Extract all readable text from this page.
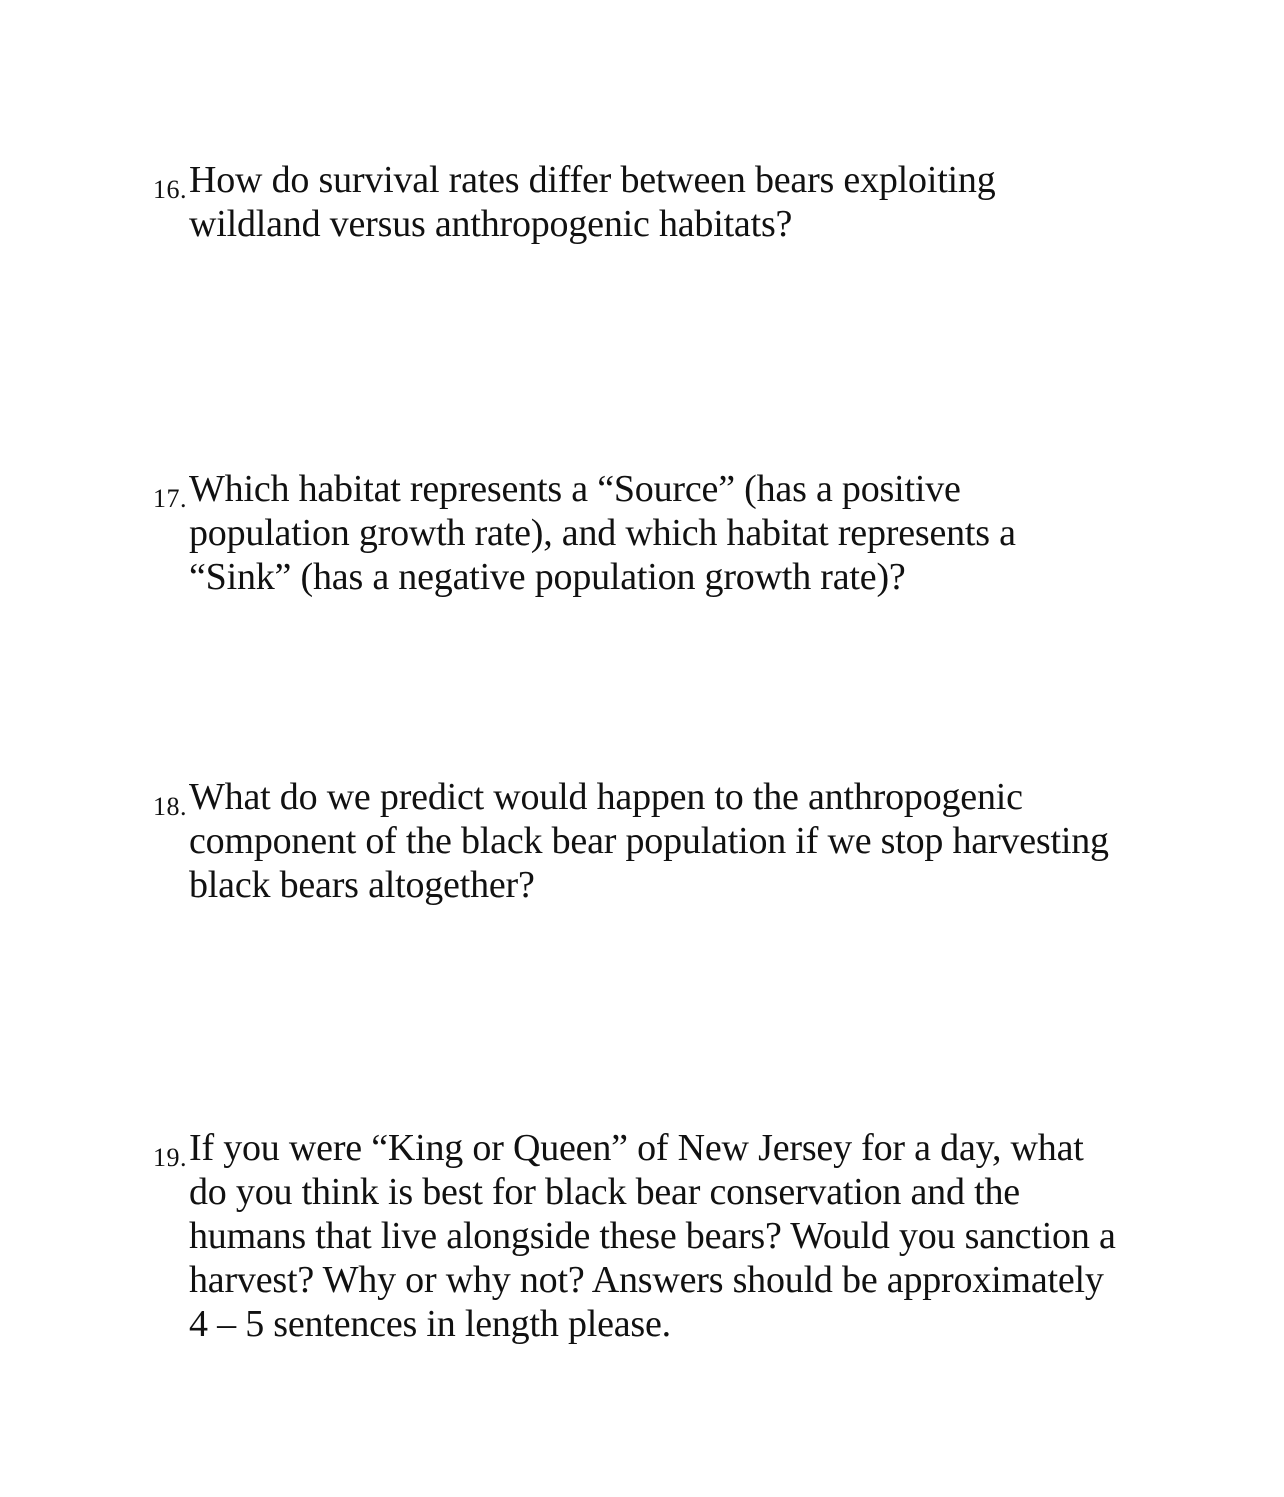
16. How do survival rates differ between bears exploiting
wildland versus anthropogenic habitats?
17. Which habitat represents a “Source” (has a positive
population growth rate), and which habitat represents a
“Sink” (has a negative population growth rate)?
18. What do we predict would happen to the anthropogenic
component of the black bear population if we stop harvesting
black bears altogether?
19. If you were “King or Queen” of New Jersey for a day, what
do you think is best for black bear conservation and the
humans that live alongside these bears? Would you sanction a
harvest? Why or why not? Answers should be approximately
4 – 5 sentences in length please.
